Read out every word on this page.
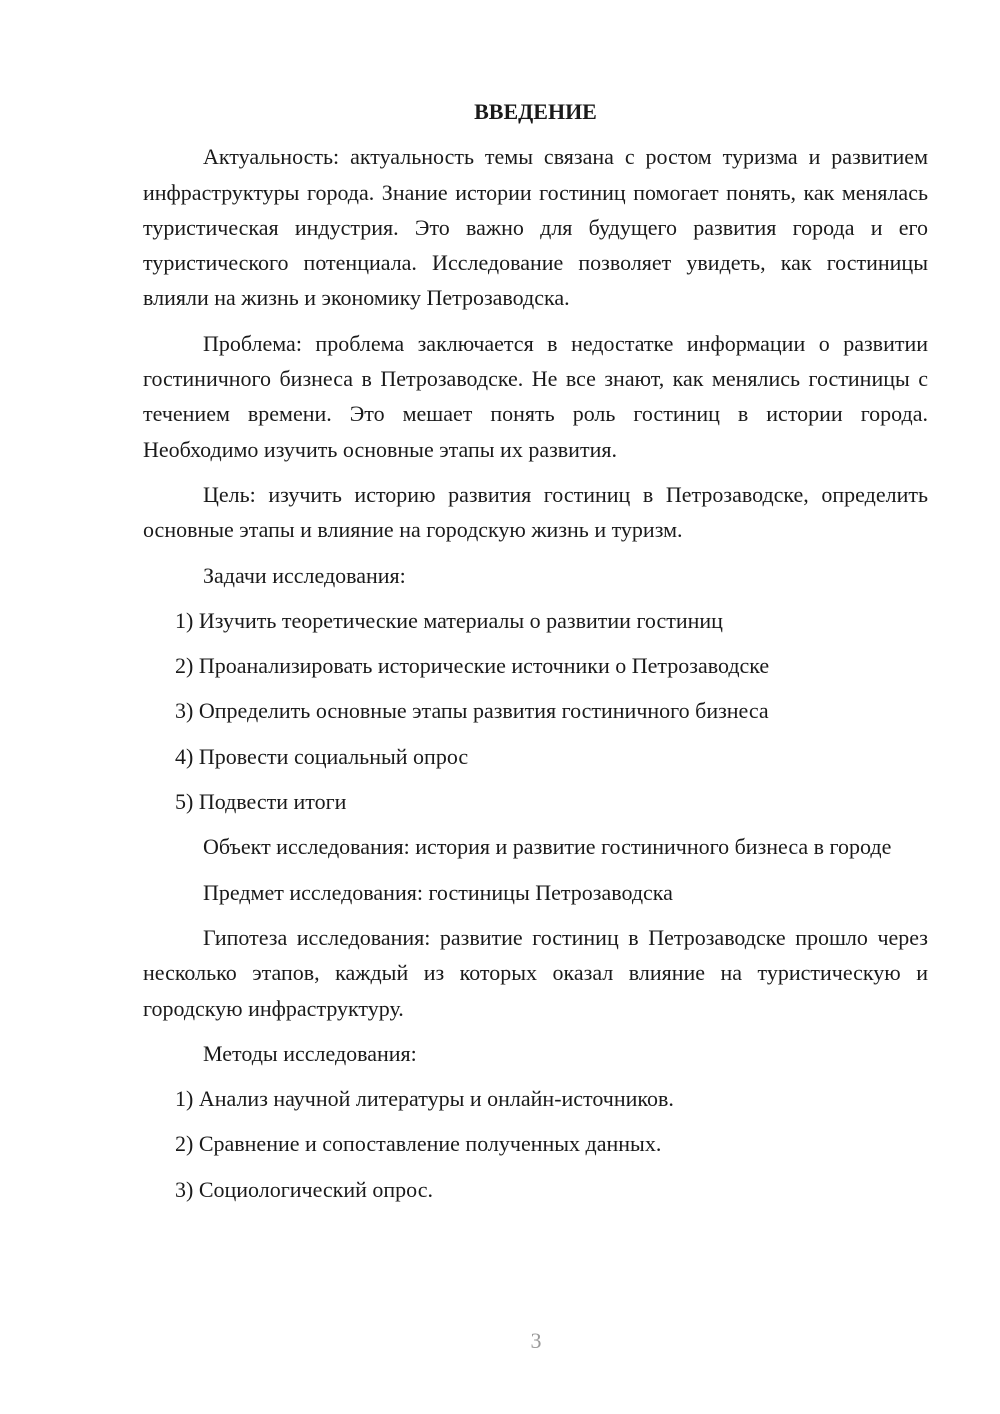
ВВЕДЕНИЕ

Актуальность: актуальность темы связана с ростом туризма и развитием инфраструктуры города. Знание истории гостиниц помогает понять, как менялась туристическая индустрия. Это важно для будущего развития города и его туристического потенциала. Исследование позволяет увидеть, как гостиницы влияли на жизнь и экономику Петрозаводска.

Проблема: проблема заключается в недостатке информации о развитии гостиничного бизнеса в Петрозаводске. Не все знают, как менялись гостиницы с течением времени. Это мешает понять роль гостиниц в истории города. Необходимо изучить основные этапы их развития.

Цель: изучить историю развития гостиниц в Петрозаводске, определить основные этапы и влияние на городскую жизнь и туризм.

Задачи исследования:

1) Изучить теоретические материалы о развитии гостиниц

2) Проанализировать исторические источники о Петрозаводске

3) Определить основные этапы развития гостиничного бизнеса

4) Провести социальный опрос

5) Подвести итоги

Объект исследования: история и развитие гостиничного бизнеса в городе

Предмет исследования: гостиницы Петрозаводска

Гипотеза исследования: развитие гостиниц в Петрозаводске прошло через несколько этапов, каждый из которых оказал влияние на туристическую и городскую инфраструктуру.

Методы исследования:

1) Анализ научной литературы и онлайн-источников.

2) Сравнение и сопоставление полученных данных.

3) Социологический опрос.

3
